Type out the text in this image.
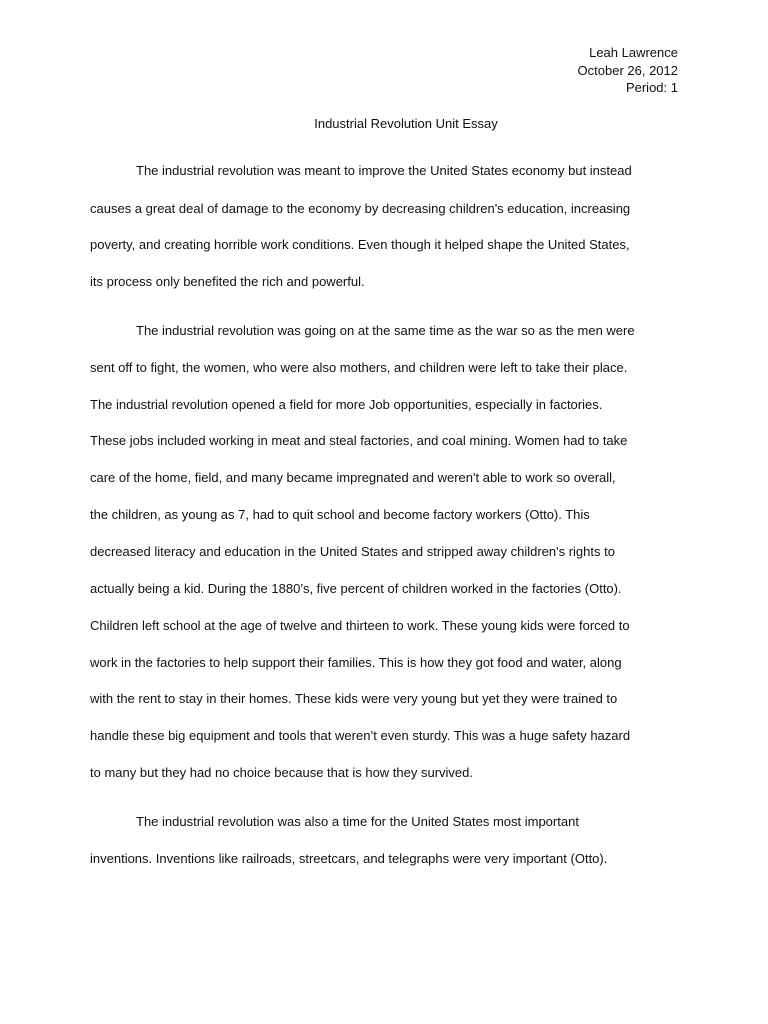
Leah Lawrence
October 26, 2012
Period: 1
Industrial Revolution Unit Essay
The industrial revolution was meant to improve the United States economy but instead
causes a great deal of damage to the economy by decreasing children's education, increasing
poverty, and creating horrible work conditions. Even though it helped shape the United States,
its process only benefited the rich and powerful.
The industrial revolution was going on at the same time as the war so as the men were
sent off to fight, the women, who were also mothers, and children were left to take their place.
The industrial revolution opened a field for more Job opportunities, especially in factories.
These jobs included working in meat and steal factories, and coal mining. Women had to take
care of the home, field, and many became impregnated and weren't able to work so overall,
the children, as young as 7, had to quit school and become factory workers (Otto). This
decreased literacy and education in the United States and stripped away children's rights to
actually being a kid. During the 1880’s, five percent of children worked in the factories (Otto).
Children left school at the age of twelve and thirteen to work. These young kids were forced to
work in the factories to help support their families. This is how they got food and water, along
with the rent to stay in their homes. These kids were very young but yet they were trained to
handle these big equipment and tools that weren’t even sturdy. This was a huge safety hazard
to many but they had no choice because that is how they survived.
The industrial revolution was also a time for the United States most important
inventions. Inventions like railroads, streetcars, and telegraphs were very important (Otto).
